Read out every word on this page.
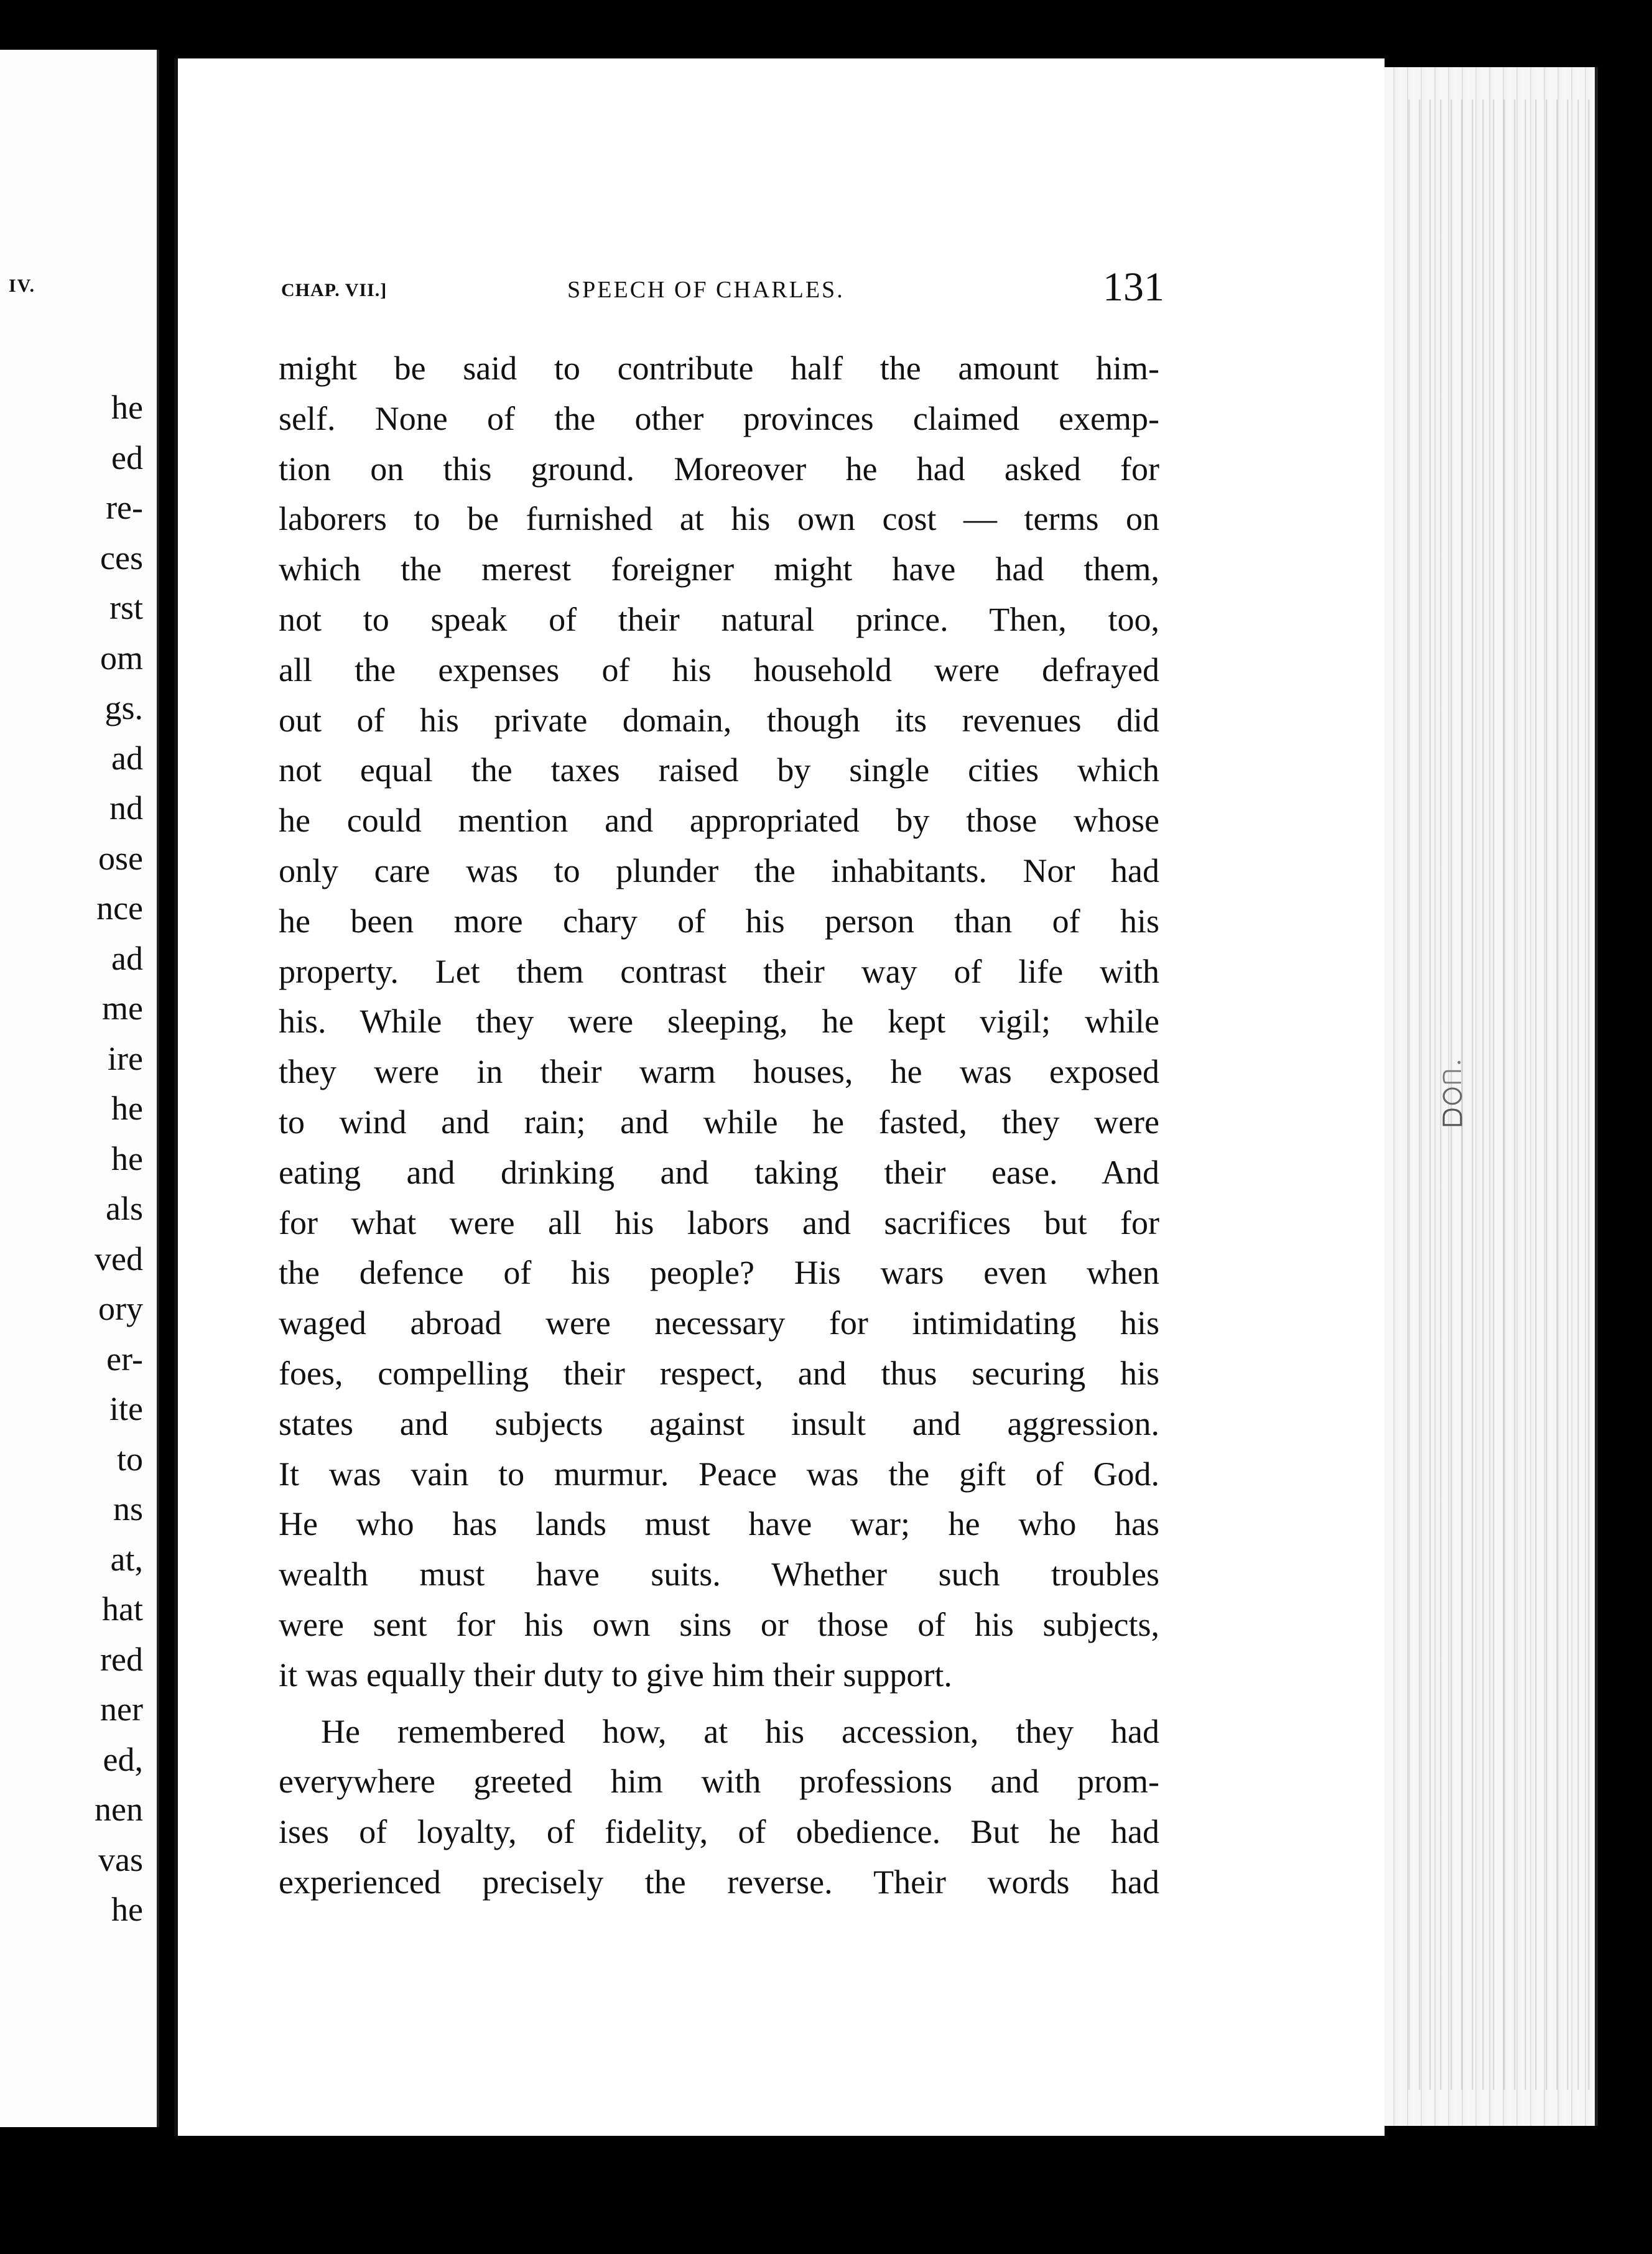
IV.
he
ed
re-
ces
rst
om
gs.
ad
nd
ose
nce
ad
me
ire
he
he
als
ved
ory
er-
ite
to
ns
at,
hat
red
ner
ed,
nen
vas
he
CHAP. VII.]	SPEECH OF CHARLES.	131
might be said to contribute half the amount him-
self. None of the other provinces claimed exemp-
tion on this ground. Moreover he had asked for
laborers to be furnished at his own cost — terms on
which the merest foreigner might have had them,
not to speak of their natural prince. Then, too,
all the expenses of his household were defrayed
out of his private domain, though its revenues did
not equal the taxes raised by single cities which
he could mention and appropriated by those whose
only care was to plunder the inhabitants. Nor had
he been more chary of his person than of his
property. Let them contrast their way of life with
his. While they were sleeping, he kept vigil; while
they were in their warm houses, he was exposed
to wind and rain; and while he fasted, they were
eating and drinking and taking their ease. And
for what were all his labors and sacrifices but for
the defence of his people? His wars even when
waged abroad were necessary for intimidating his
foes, compelling their respect, and thus securing his
states and subjects against insult and aggression.
It was vain to murmur. Peace was the gift of God.
He who has lands must have war; he who has
wealth must have suits. Whether such troubles
were sent for his own sins or those of his subjects,
it was equally their duty to give him their support.
He remembered how, at his accession, they had
everywhere greeted him with professions and prom-
ises of loyalty, of fidelity, of obedience. But he had
experienced precisely the reverse. Their words had
